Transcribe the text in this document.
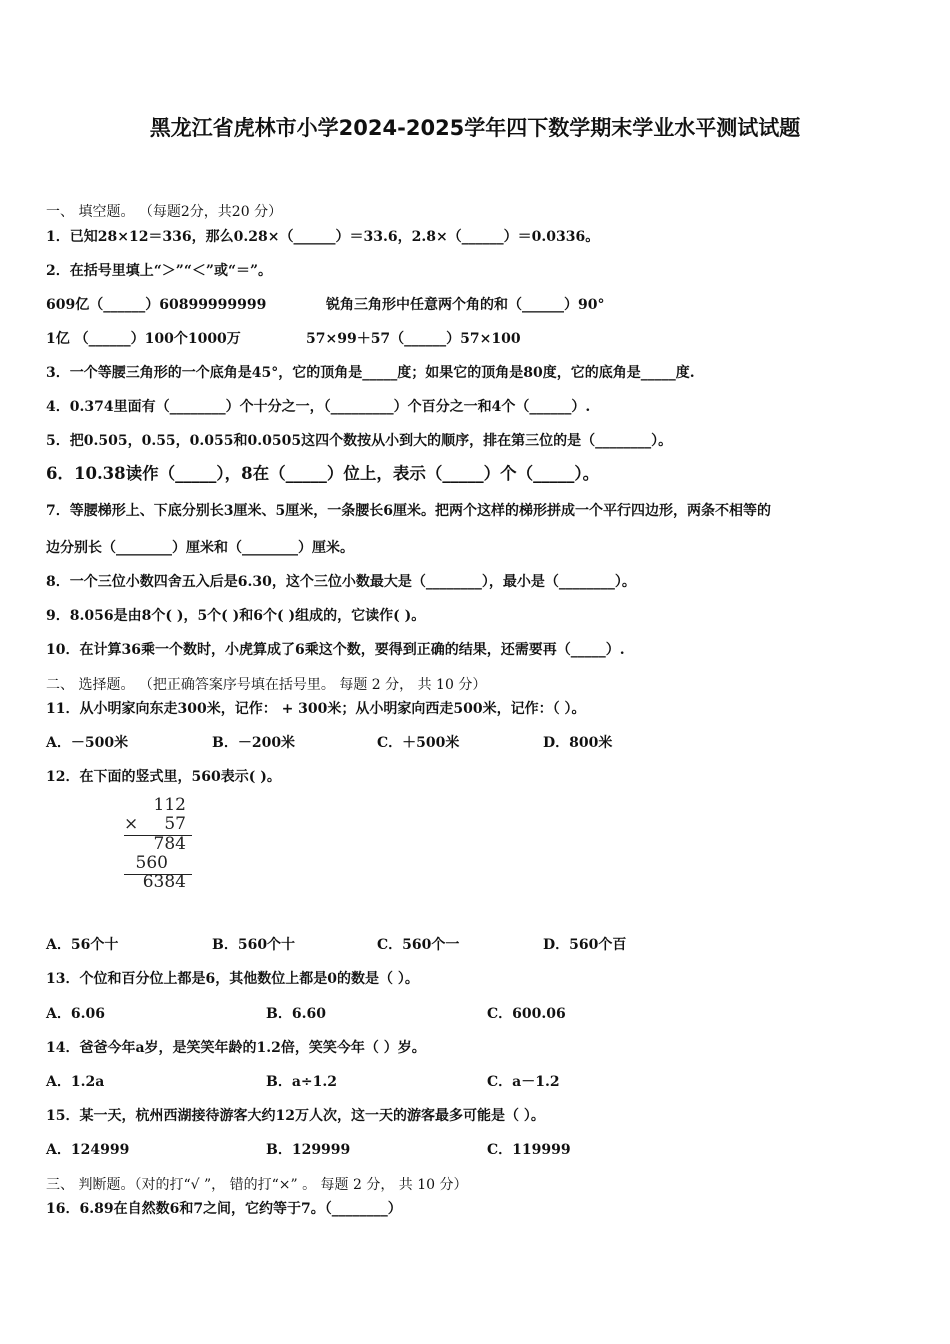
黑龙江省虎林市小学2024-2025学年四下数学期末学业水平测试试题
一、 填空题。 （每题2分，共20 分）
1．已知28×12＝336，那么0.28×（______）＝33.6，2.8×（______）＝0.0336。
2．在括号里填上“＞”“＜”或“＝”。
609亿（______）60899999999	锐角三角形中任意两个角的和（______）90°
1亿 （______）100个1000万	57×99＋57（______）57×100
3．一个等腰三角形的一个底角是45°，它的顶角是_____度；如果它的顶角是80度，它的底角是_____度.
4．0.374里面有（________）个十分之一，（_________）个百分之一和4个（______）.
5．把0.505，0.55，0.055和0.0505这四个数按从小到大的顺序，排在第三位的是（________）。
6．10.38读作（_____），8在（_____）位上，表示（_____）个（_____）。
7．等腰梯形上、下底分别长3厘米、5厘米，一条腰长6厘米。把两个这样的梯形拼成一个平行四边形，两条不相等的
边分别长（________）厘米和（________）厘米。
8．一个三位小数四舍五入后是6.30，这个三位小数最大是（________），最小是（________）。
9．8.056是由8个( )，5个( )和6个( )组成的，它读作( )。
10．在计算36乘一个数时，小虎算成了6乘这个数，要得到正确的结果，还需要再（_____）.
二、 选择题。 （把正确答案序号填在括号里。 每题 2 分， 共 10 分）
11．从小明家向东走300米，记作： + 300米；从小明家向西走500米，记作：（ ）。
A．－500米	B．－200米	C．＋500米	D．800米
12．在下面的竖式里，560表示( )。
112
× 57
784
560
6384
A．56个十	B．560个十	C．560个一	D．560个百
13．个位和百分位上都是6，其他数位上都是0的数是（ ）。
A．6.06	B．6.60	C．600.06
14．爸爸今年a岁，是笑笑年龄的1.2倍，笑笑今年（ ）岁。
A．1.2a	B．a÷1.2	C．a－1.2
15．某一天，杭州西湖接待游客大约12万人次，这一天的游客最多可能是（ ）。
A．124999	B．129999	C．119999
三、 判断题。（对的打“√ ”， 错的打“×” 。 每题 2 分， 共 10 分）
16．6.89在自然数6和7之间，它约等于7。（________）
